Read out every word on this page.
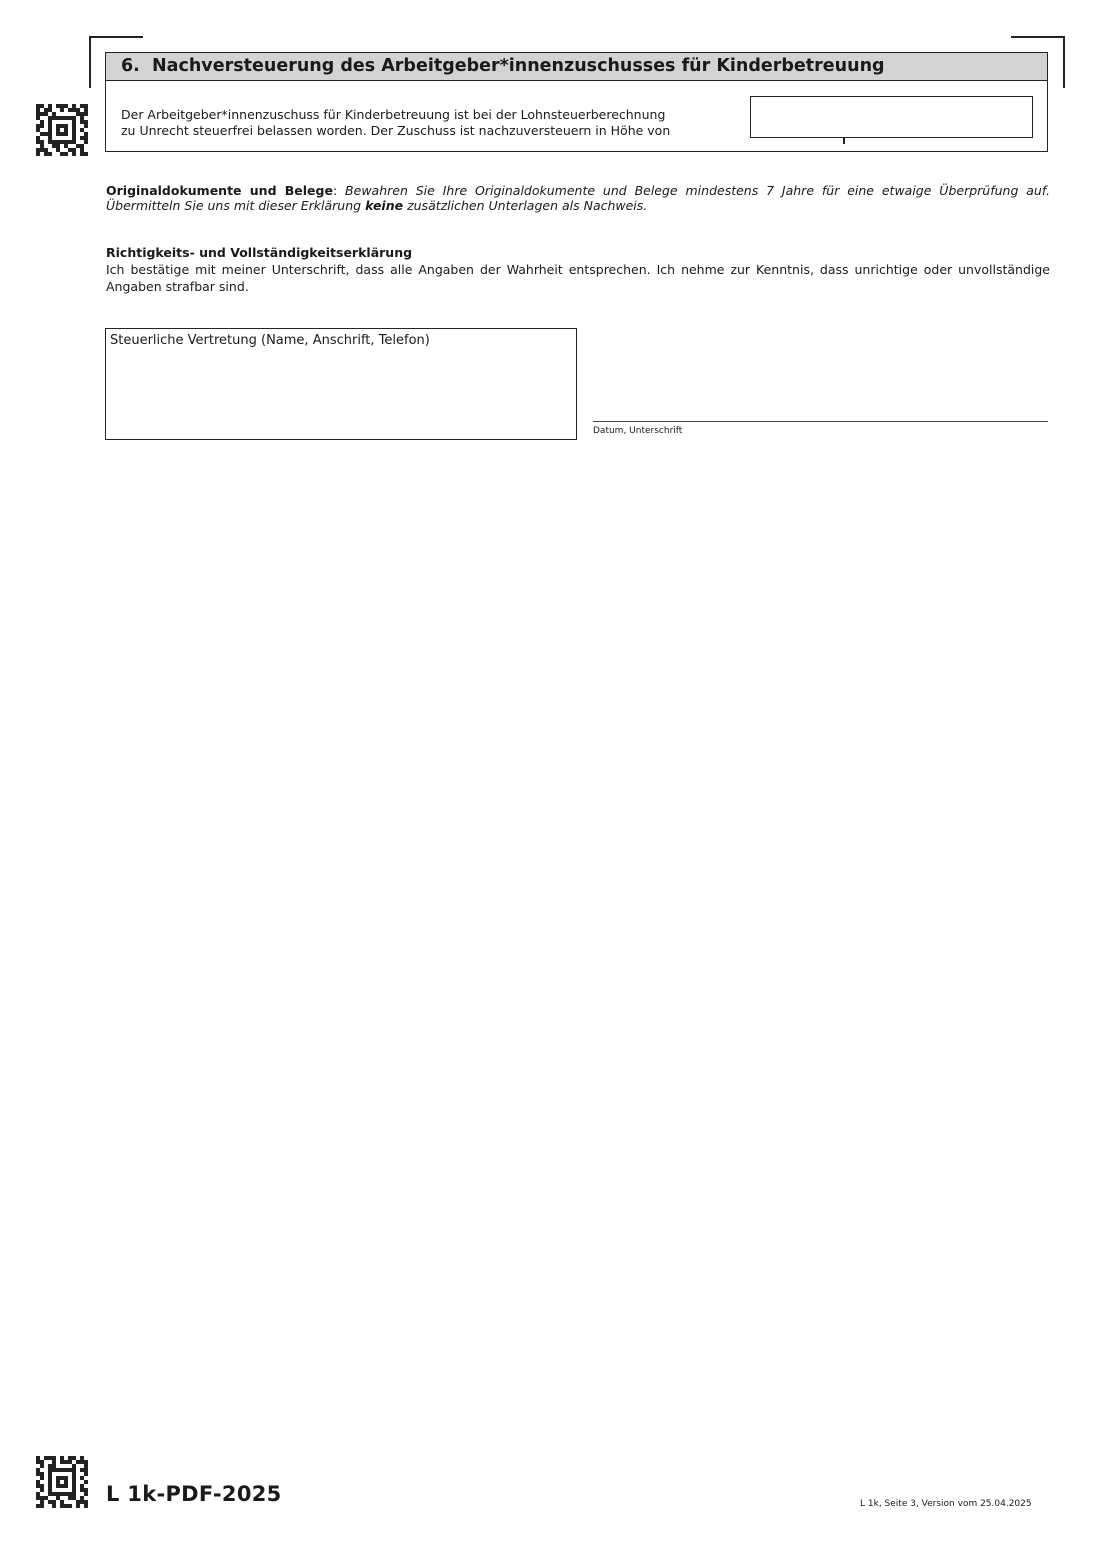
6. Nachversteuerung des Arbeitgeber*innenzuschusses für Kinderbetreuung
Der Arbeitgeber*innenzuschuss für Kinderbetreuung ist bei der Lohnsteuerberechnung
zu Unrecht steuerfrei belassen worden. Der Zuschuss ist nachzuversteuern in Höhe von
Originaldokumente und Belege: Bewahren Sie Ihre Originaldokumente und Belege mindestens 7 Jahre für eine etwaige Überprüfung auf. Übermitteln Sie uns mit dieser Erklärung keine zusätzlichen Unterlagen als Nachweis.
Richtigkeits- und Vollständigkeitserklärung
Ich bestätige mit meiner Unterschrift, dass alle Angaben der Wahrheit entsprechen. Ich nehme zur Kenntnis, dass unrichtige oder unvollständige Angaben strafbar sind.
Steuerliche Vertretung (Name, Anschrift, Telefon)
Datum, Unterschrift
L 1k-PDF-2025	L 1k, Seite 3, Version vom 25.04.2025
